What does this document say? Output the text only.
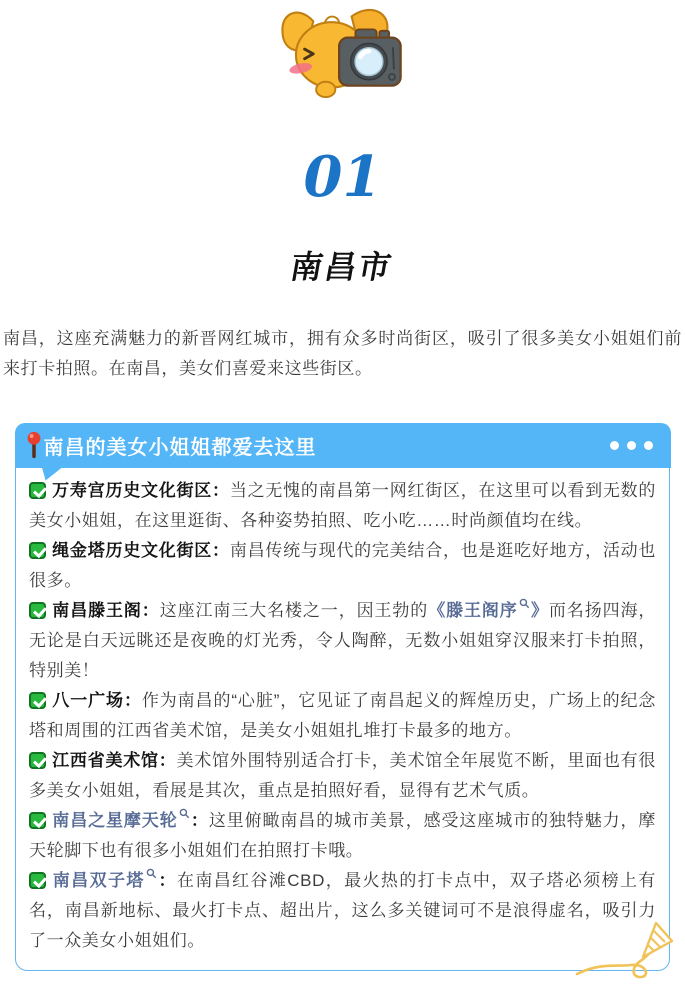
01
南昌市

南昌，这座充满魅力的新晋网红城市，拥有众多时尚街区，吸引了很多美女小姐姐们前来打卡拍照。在南昌，美女们喜爱来这些街区。

南昌的美女小姐姐都爱去这里

万寿宫历史文化街区：当之无愧的南昌第一网红街区，在这里可以看到无数的美女小姐姐，在这里逛街、各种姿势拍照、吃小吃……时尚颜值均在线。

绳金塔历史文化街区：南昌传统与现代的完美结合，也是逛吃好地方，活动也很多。

南昌滕王阁：这座江南三大名楼之一，因王勃的《滕王阁序 》而名扬四海，无论是白天远眺还是夜晚的灯光秀，令人陶醉，无数小姐姐穿汉服来打卡拍照，特别美！

八一广场：作为南昌的“心脏”，它见证了南昌起义的辉煌历史，广场上的纪念塔和周围的江西省美术馆，是美女小姐姐扎堆打卡最多的地方。

江西省美术馆：美术馆外围特别适合打卡，美术馆全年展览不断，里面也有很多美女小姐姐，看展是其次，重点是拍照好看，显得有艺术气质。

南昌之星摩天轮 ：这里俯瞰南昌的城市美景，感受这座城市的独特魅力，摩天轮脚下也有很多小姐姐们在拍照打卡哦。

南昌双子塔 ：在南昌红谷滩CBD，最火热的打卡点中，双子塔必须榜上有名，南昌新地标、最火打卡点、超出片，这么多关键词可不是浪得虚名，吸引力了一众美女小姐姐们。
